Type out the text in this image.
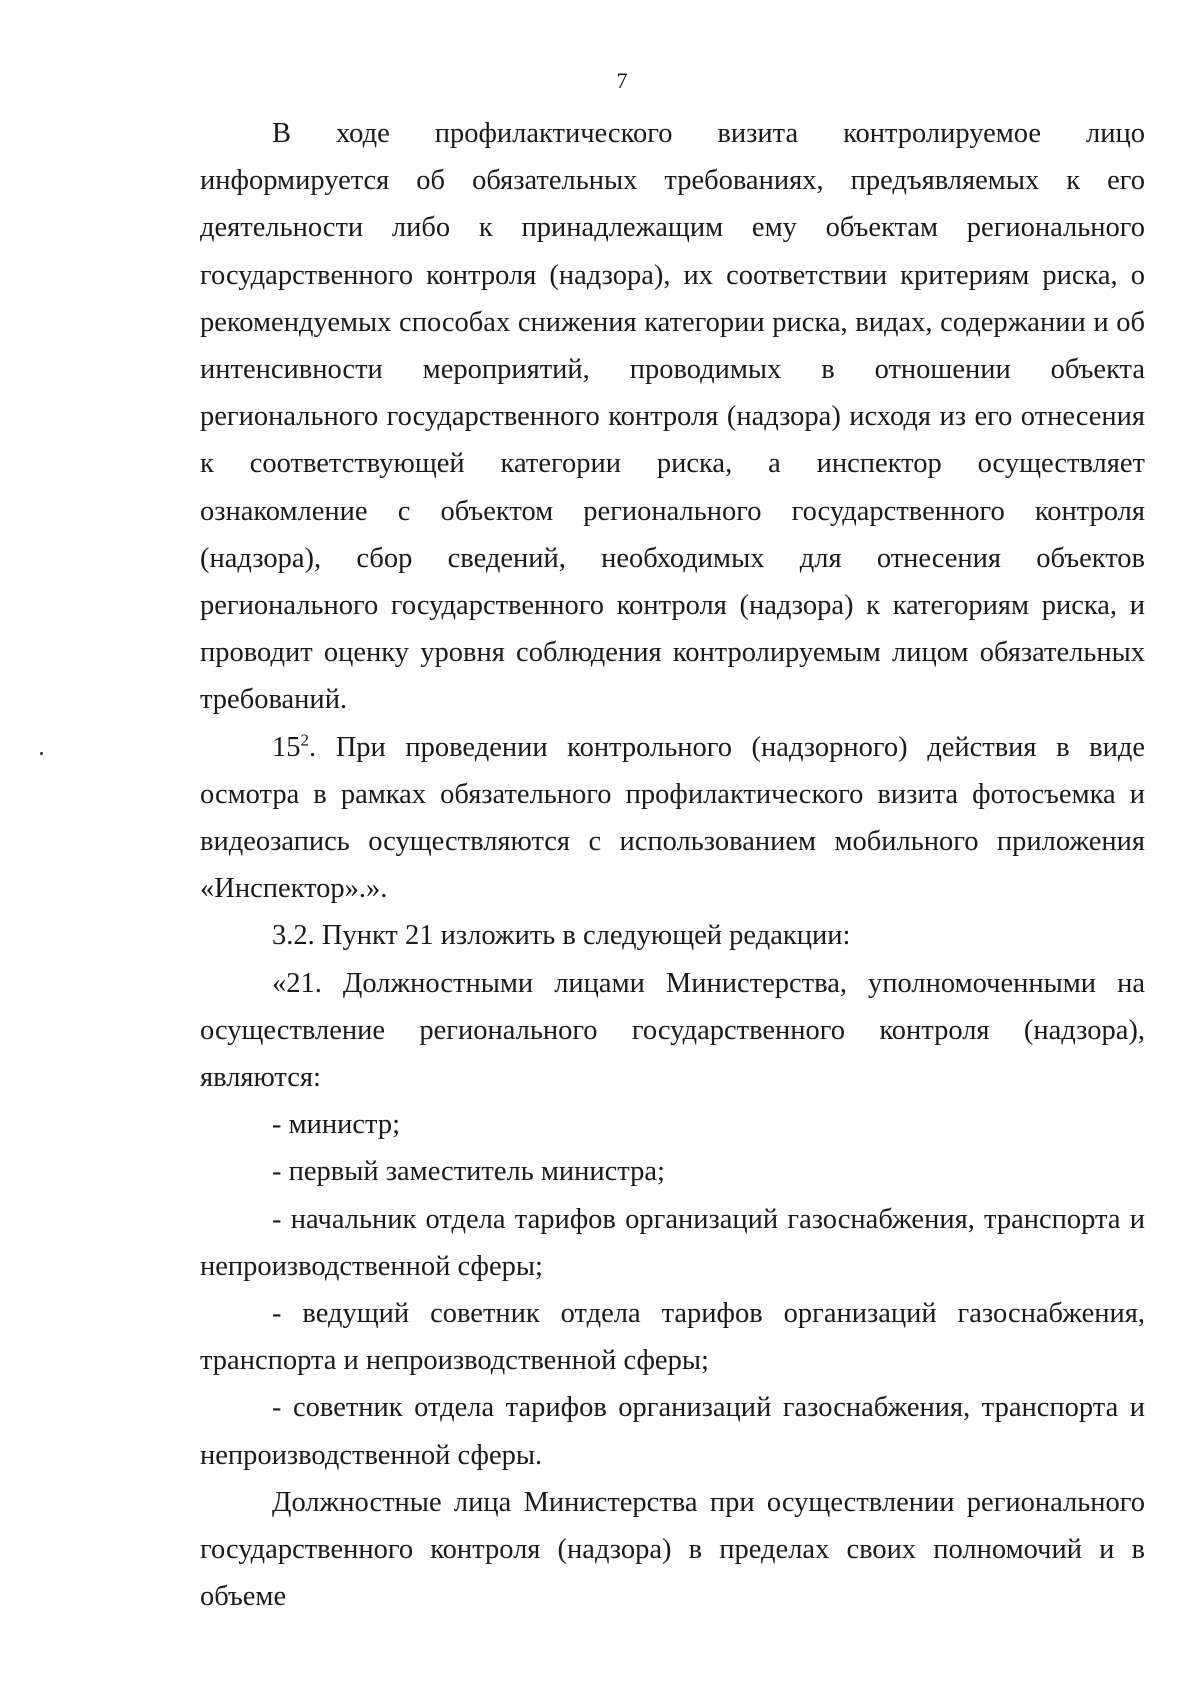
7

В ходе профилактического визита контролируемое лицо информируется об обязательных требованиях, предъявляемых к его деятельности либо к принадлежащим ему объектам регионального государственного контроля (надзора), их соответствии критериям риска, о рекомендуемых способах снижения категории риска, видах, содержании и об интенсивности мероприятий, проводимых в отношении объекта регионального государственного контроля (надзора) исходя из его отнесения к соответствующей категории риска, а инспектор осуществляет ознакомление с объектом регионального государственного контроля (надзора), сбор сведений, необходимых для отнесения объектов регионального государственного контроля (надзора) к категориям риска, и проводит оценку уровня соблюдения контролируемым лицом обязательных требований.

$15^2$. При проведении контрольного (надзорного) действия в виде осмотра в рамках обязательного профилактического визита фотосъемка и видеозапись осуществляются с использованием мобильного приложения «Инспектор».».

3.2. Пункт 21 изложить в следующей редакции:

«21. Должностными лицами Министерства, уполномоченными на осуществление регионального государственного контроля (надзора), являются:

- министр;

- первый заместитель министра;

- начальник отдела тарифов организаций газоснабжения, транспорта и непроизводственной сферы;

- ведущий советник отдела тарифов организаций газоснабжения, транспорта и непроизводственной сферы;

- советник отдела тарифов организаций газоснабжения, транспорта и непроизводственной сферы.

Должностные лица Министерства при осуществлении регионального государственного контроля (надзора) в пределах своих полномочий и в объеме
